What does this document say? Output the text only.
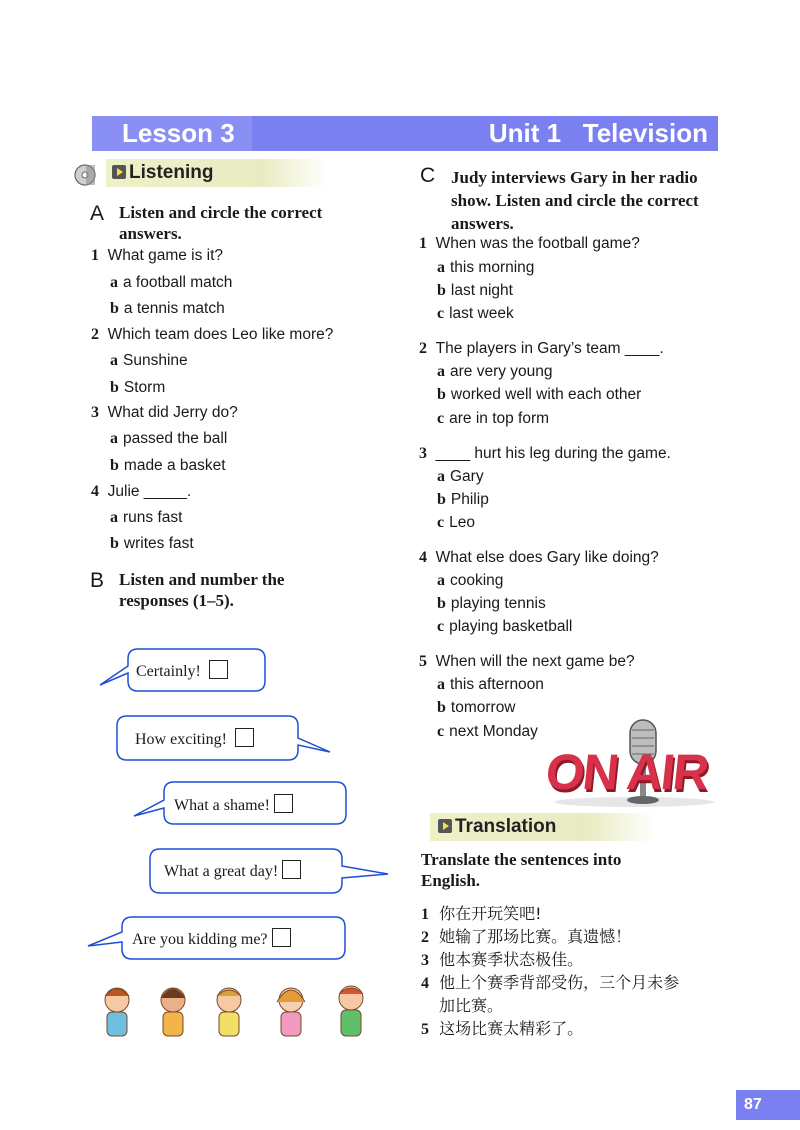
Lesson 3	Unit 1   Television
Listening
A Listen and circle the correct answers.
1 What game is it?
a a football match
b a tennis match
2 Which team does Leo like more?
a Sunshine
b Storm
3 What did Jerry do?
a passed the ball
b made a basket
4 Julie _____.
a runs fast
b writes fast
B Listen and number the responses (1–5).
Certainly!
How exciting!
What a shame!
What a great day!
Are you kidding me?
C Judy interviews Gary in her radio show. Listen and circle the correct answers.
1 When was the football game?
a this morning
b last night
c last week
2 The players in Gary’s team ____.
a are very young
b worked well with each other
c are in top form
3 ____ hurt his leg during the game.
a Gary
b Philip
c Leo
4 What else does Gary like doing?
a cooking
b playing tennis
c playing basketball
5 When will the next game be?
a this afternoon
b tomorrow
c next Monday
ON AIR
Translation
Translate the sentences into English.
1 你在开玩笑吧!
2 她输了那场比赛。真遗憾！
3 他本赛季状态极佳。
4 他上个赛季背部受伤，三个月未参
加比赛。
5 这场比赛太精彩了。
87
